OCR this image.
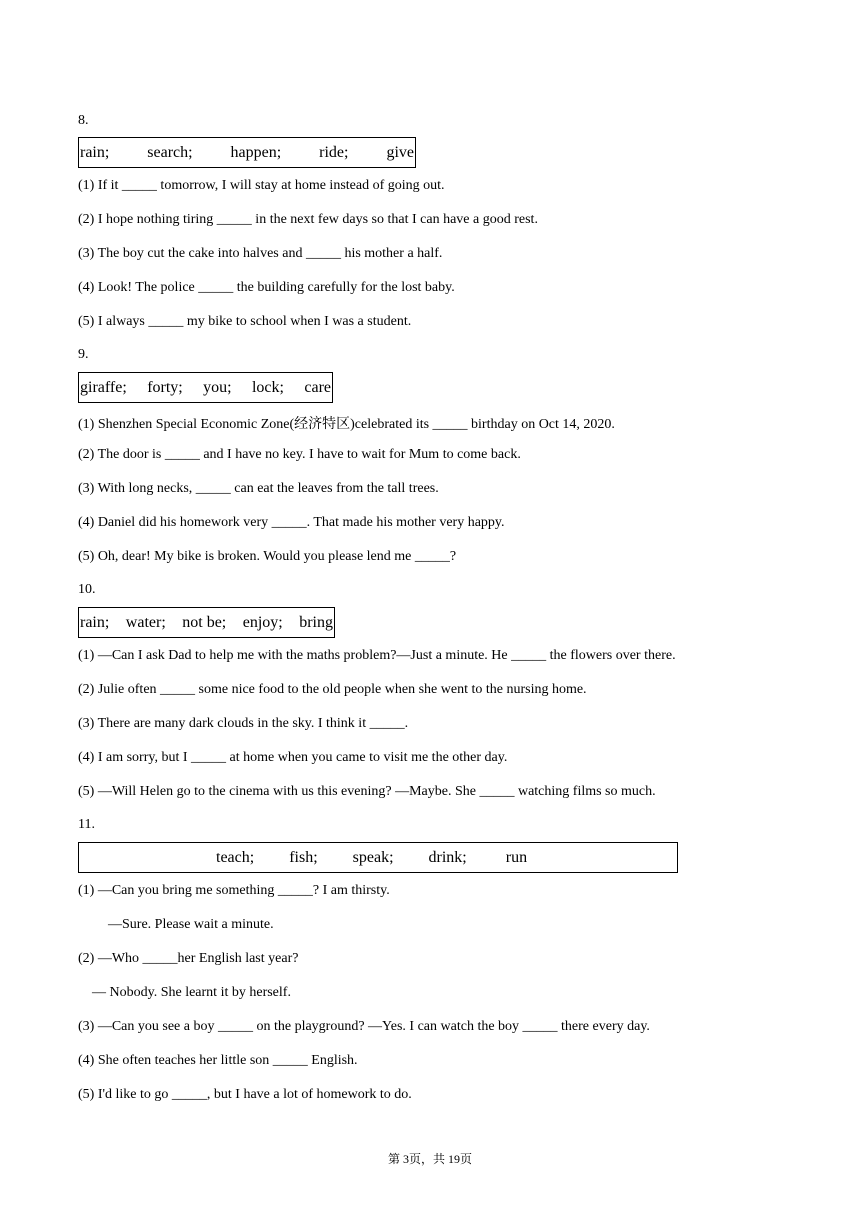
8.
rain; search; happen; ride; give
(1) If it _____ tomorrow, I will stay at home instead of going out.
(2) I hope nothing tiring _____ in the next few days so that I can have a good rest.
(3) The boy cut the cake into halves and _____ his mother a half.
(4) Look! The police _____ the building carefully for the lost baby.
(5) I always _____ my bike to school when I was a student.
9.
giraffe; forty; you; lock; care
(1) Shenzhen Special Economic Zone(经济特区)celebrated its _____ birthday on Oct 14, 2020.
(2) The door is _____ and I have no key. I have to wait for Mum to come back.
(3) With long necks, _____ can eat the leaves from the tall trees.
(4) Daniel did his homework very _____. That made his mother very happy.
(5) Oh, dear! My bike is broken. Would you please lend me _____?
10.
rain; water; not be; enjoy; bring
(1) —Can I ask Dad to help me with the maths problem?—Just a minute. He _____ the flowers over there.
(2) Julie often _____ some nice food to the old people when she went to the nursing home.
(3) There are many dark clouds in the sky. I think it _____.
(4) I am sorry, but I _____ at home when you came to visit me the other day.
(5) —Will Helen go to the cinema with us this evening? —Maybe. She _____ watching films so much.
11.
teach; fish; speak; drink; run
(1) —Can you bring me something _____? I am thirsty.
—Sure. Please wait a minute.
(2) —Who _____her English last year?
— Nobody. She learnt it by herself.
(3) —Can you see a boy _____ on the playground? —Yes. I can watch the boy _____ there every day.
(4) She often teaches her little son _____ English.
(5) I'd like to go _____, but I have a lot of homework to do.
第 3页，共 19页
